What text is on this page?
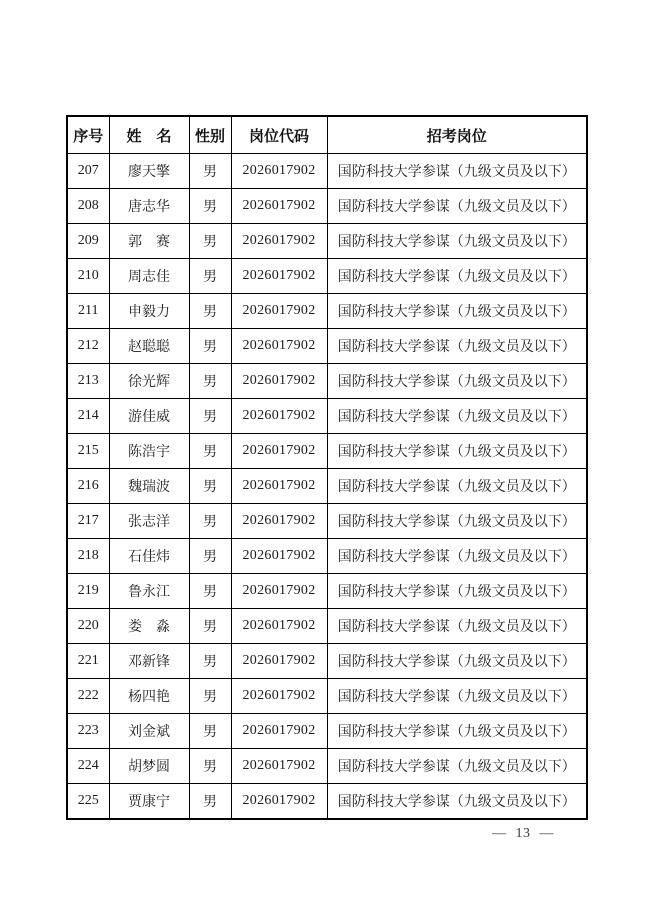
序号	姓　名	性别	岗位代码	招考岗位
207	廖天擎	男	2026017902	国防科技大学参谋（九级文员及以下）
208	唐志华	男	2026017902	国防科技大学参谋（九级文员及以下）
209	郭　赛	男	2026017902	国防科技大学参谋（九级文员及以下）
210	周志佳	男	2026017902	国防科技大学参谋（九级文员及以下）
211	申毅力	男	2026017902	国防科技大学参谋（九级文员及以下）
212	赵聪聪	男	2026017902	国防科技大学参谋（九级文员及以下）
213	徐光辉	男	2026017902	国防科技大学参谋（九级文员及以下）
214	游佳威	男	2026017902	国防科技大学参谋（九级文员及以下）
215	陈浩宇	男	2026017902	国防科技大学参谋（九级文员及以下）
216	魏瑞波	男	2026017902	国防科技大学参谋（九级文员及以下）
217	张志洋	男	2026017902	国防科技大学参谋（九级文员及以下）
218	石佳炜	男	2026017902	国防科技大学参谋（九级文员及以下）
219	鲁永江	男	2026017902	国防科技大学参谋（九级文员及以下）
220	娄　淼	男	2026017902	国防科技大学参谋（九级文员及以下）
221	邓新锋	男	2026017902	国防科技大学参谋（九级文员及以下）
222	杨四艳	男	2026017902	国防科技大学参谋（九级文员及以下）
223	刘金斌	男	2026017902	国防科技大学参谋（九级文员及以下）
224	胡梦圆	男	2026017902	国防科技大学参谋（九级文员及以下）
225	贾康宁	男	2026017902	国防科技大学参谋（九级文员及以下）
— 13 —
